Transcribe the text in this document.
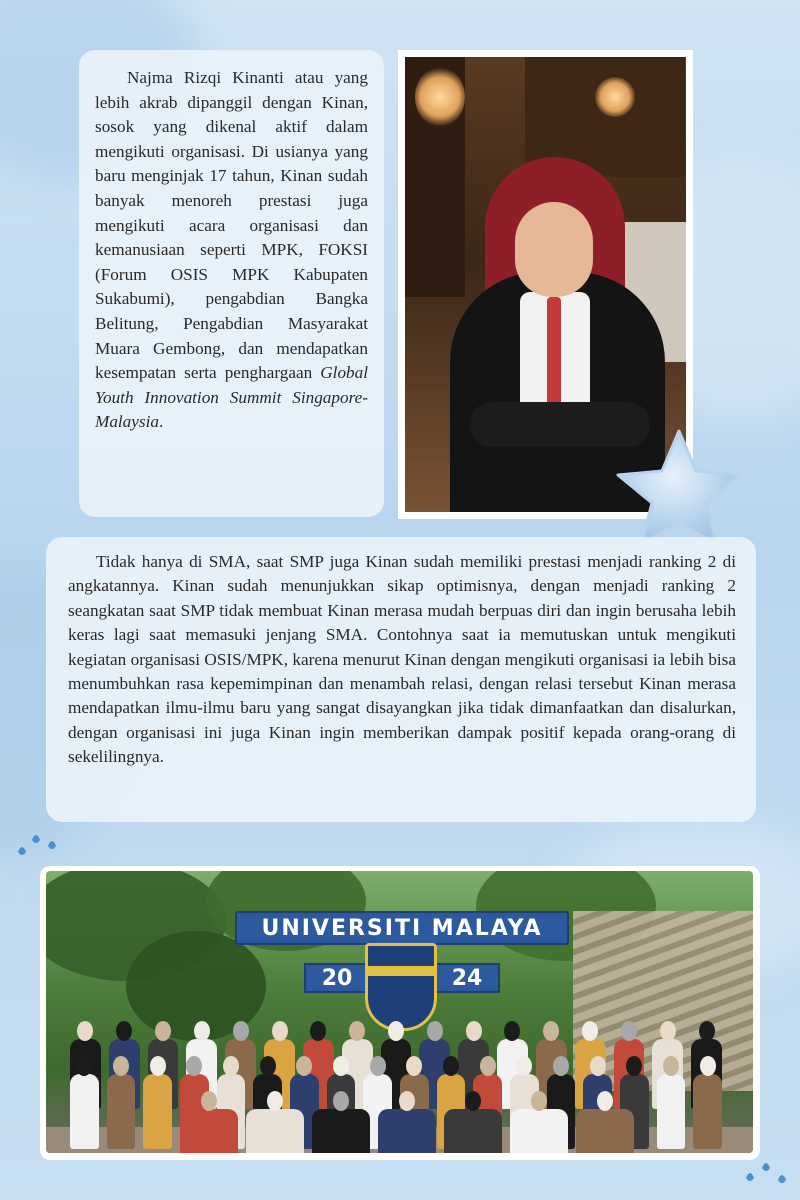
Najma Rizqi Kinanti atau yang lebih akrab dipanggil dengan Kinan, sosok yang dikenal aktif dalam mengikuti organisasi. Di usianya yang baru menginjak 17 tahun, Kinan sudah banyak menoreh prestasi juga mengikuti acara organisasi dan kemanusiaan seperti MPK, FOKSI (Forum OSIS MPK Kabupaten Sukabumi), pengabdian Bangka Belitung, Pengabdian Masyarakat Muara Gembong, dan mendapatkan kesempatan serta penghargaan Global Youth Innovation Summit Singapore-Malaysia.

Tidak hanya di SMA, saat SMP juga Kinan sudah memiliki prestasi menjadi ranking 2 di angkatannya. Kinan sudah menunjukkan sikap optimisnya, dengan menjadi ranking 2 seangkatan saat SMP tidak membuat Kinan merasa mudah berpuas diri dan ingin berusaha lebih keras lagi saat memasuki jenjang SMA. Contohnya saat ia memutuskan untuk mengikuti kegiatan organisasi OSIS/MPK, karena menurut Kinan dengan mengikuti organisasi ia lebih bisa menumbuhkan rasa kepemimpinan dan menambah relasi, dengan relasi tersebut Kinan merasa mendapatkan ilmu-ilmu baru yang sangat disayangkan jika tidak dimanfaatkan dan disalurkan, dengan organisasi ini juga Kinan ingin memberikan dampak positif kepada orang-orang di sekelilingnya.

UNIVERSITI MALAYA
20	24
